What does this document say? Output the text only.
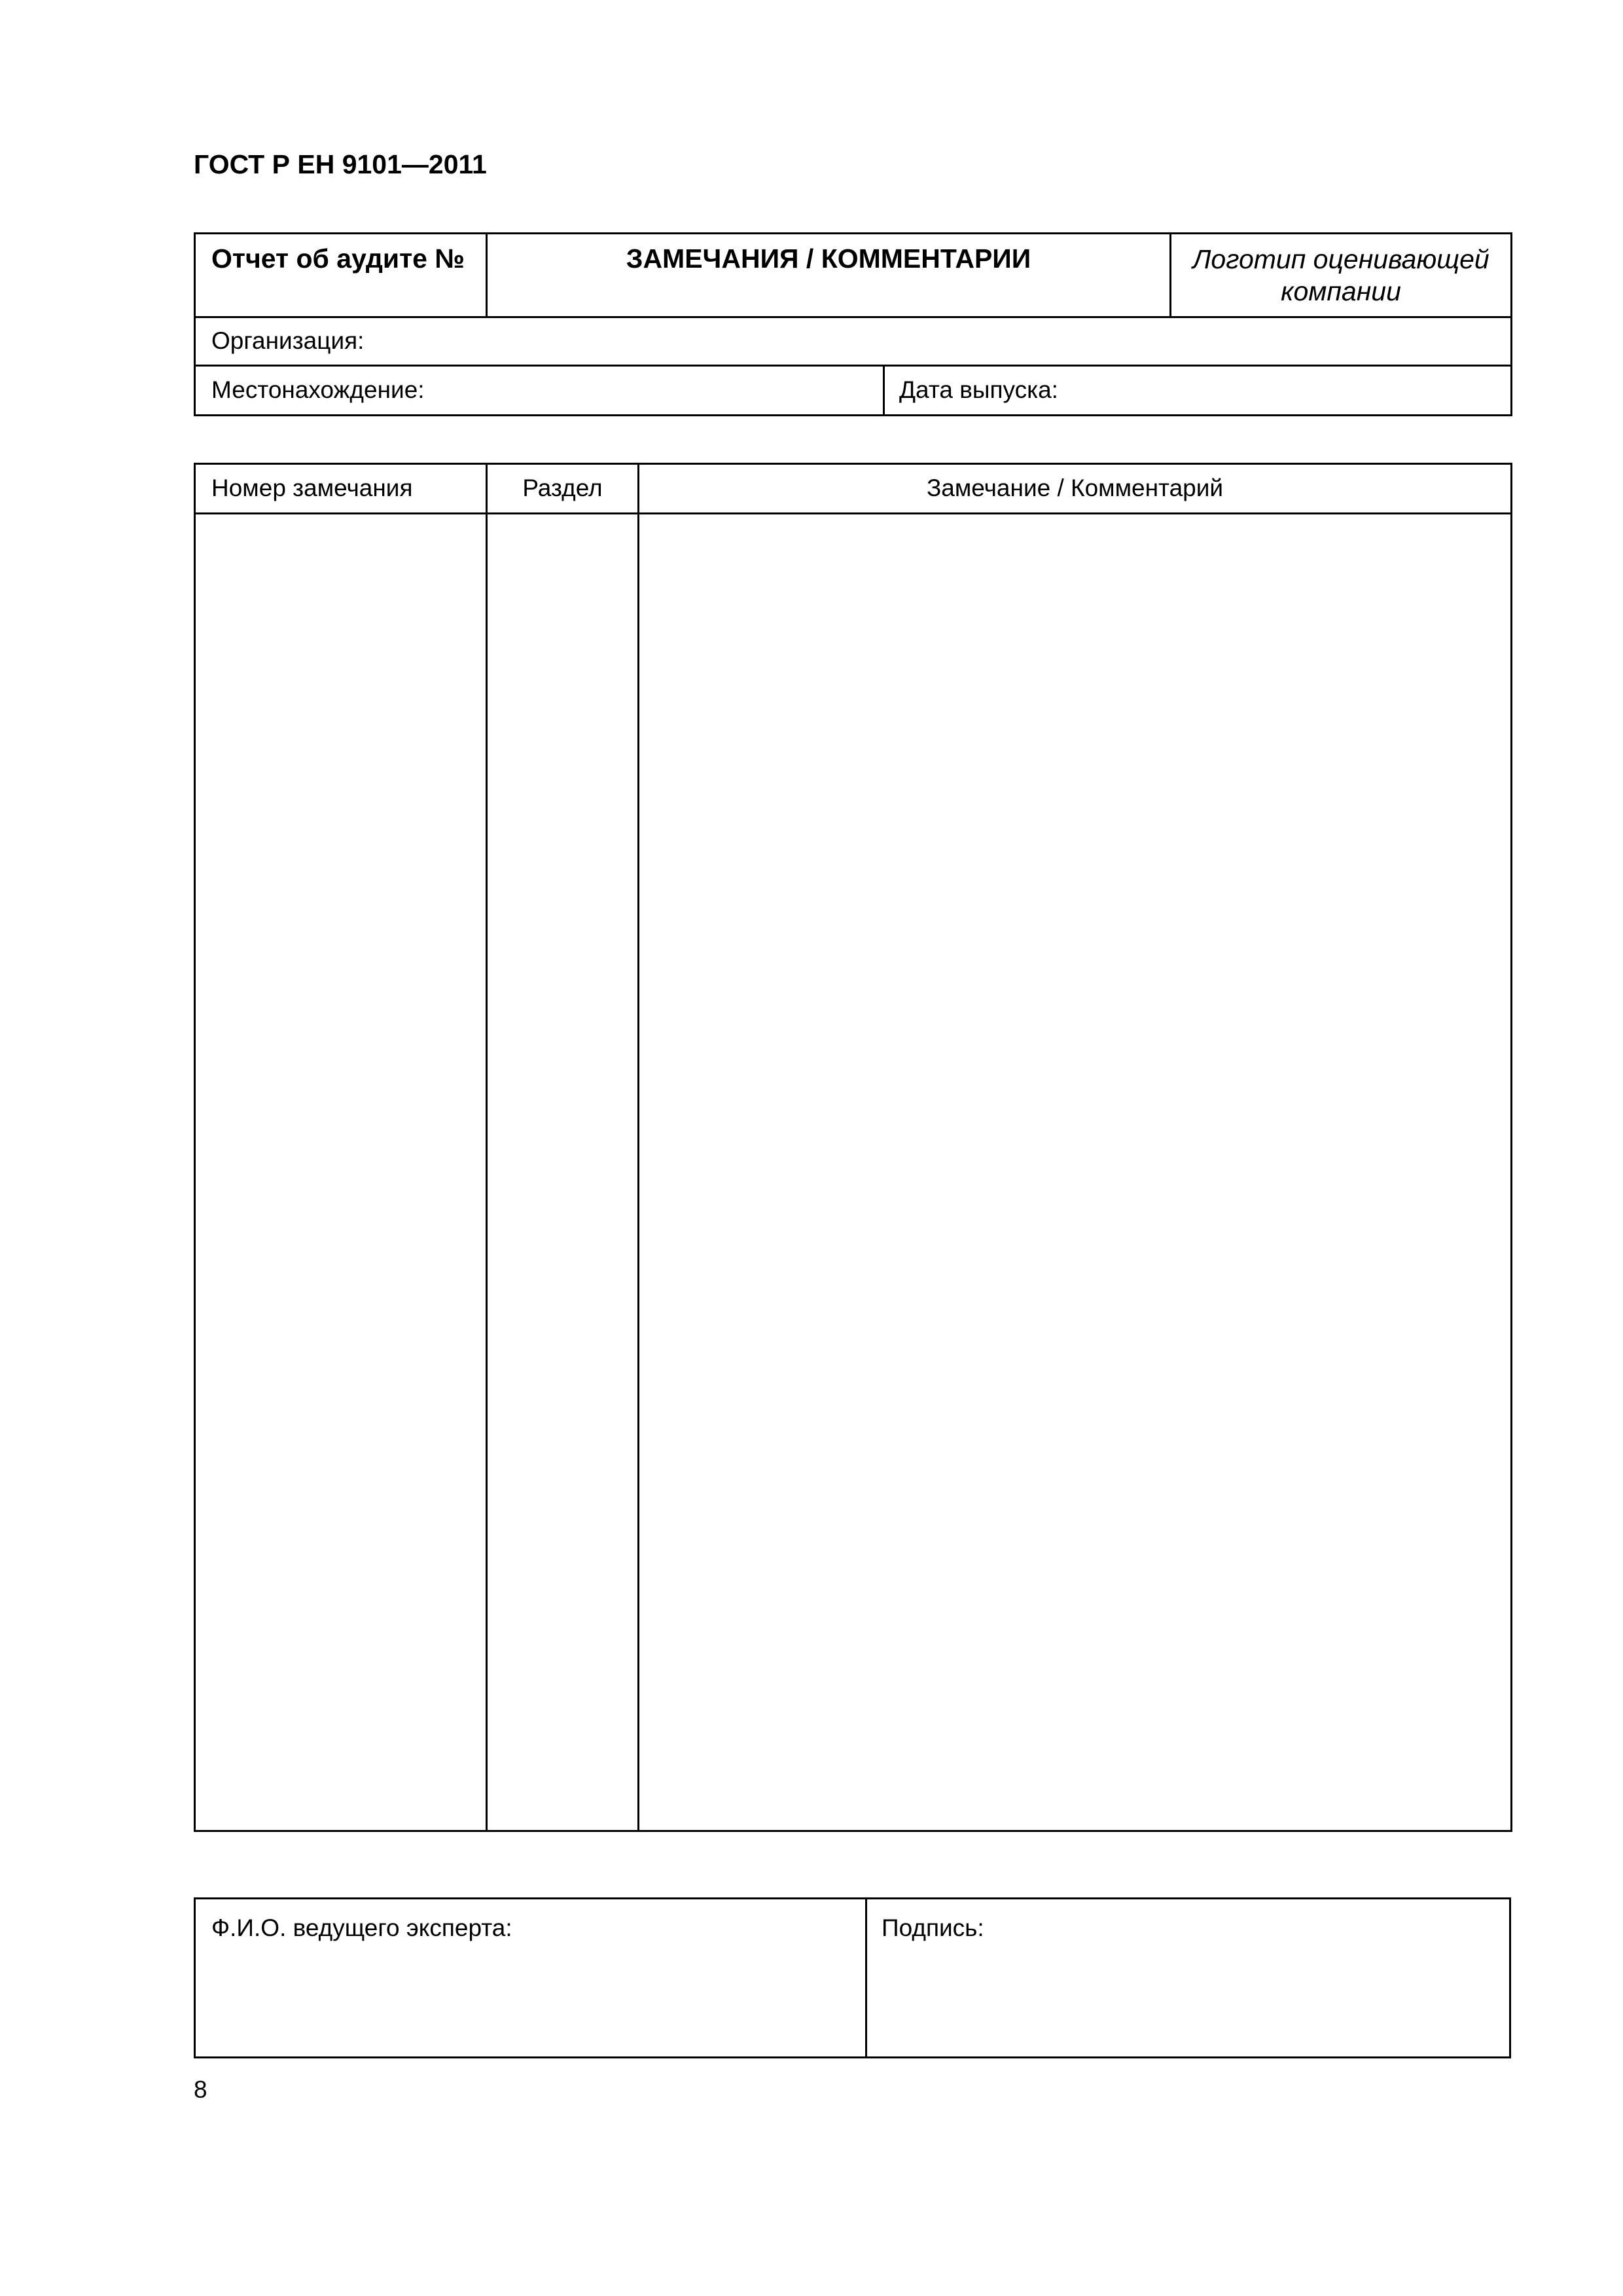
ГОСТ Р ЕН 9101—2011
Отчет об аудите №	ЗАМЕЧАНИЯ / КОММЕНТАРИИ	Логотип оценивающей
компании
Организация:
Местонахождение:	Дата выпуска:
Номер замечания	Раздел	Замечание / Комментарий
Ф.И.О. ведущего эксперта:	Подпись:
8
